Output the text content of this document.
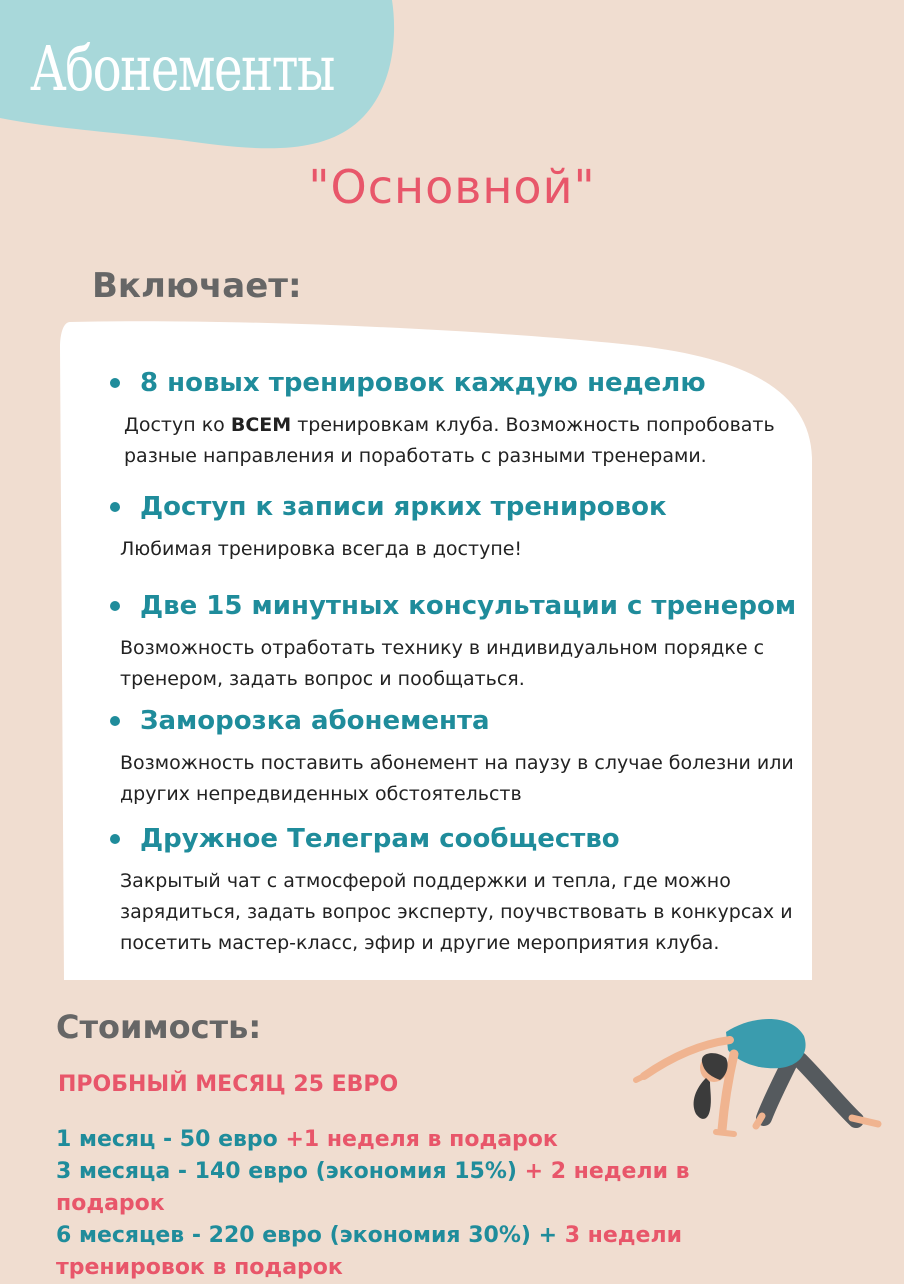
Абонементы
"Основной"
Включает:
8 новых тренировок каждую неделю
Доступ ко ВСЕМ тренировкам клуба. Возможность попробовать разные направления и поработать с разными тренерами.
Доступ к записи ярких тренировок
Любимая тренировка всегда в доступе!
Две 15 минутных консультации с тренером
Возможность отработать технику в индивидуальном порядке с тренером, задать вопрос и пообщаться.
Заморозка абонемента
Возможность поставить абонемент на паузу в случае болезни или других непредвиденных обстоятельств
Дружное Телеграм сообщество
Закрытый чат с атмосферой поддержки и тепла, где можно зарядиться, задать вопрос эксперту, поучвствовать в конкурсах и посетить мастер-класс, эфир и другие мероприятия клуба.
Стоимость:
ПРОБНЫЙ МЕСЯЦ 25 ЕВРО
1 месяц - 50 евро +1 неделя в подарок
3 месяца - 140 евро (экономия 15%) + 2 недели в подарок
6 месяцев - 220 евро (экономия 30%) + 3 недели тренировок в подарок
